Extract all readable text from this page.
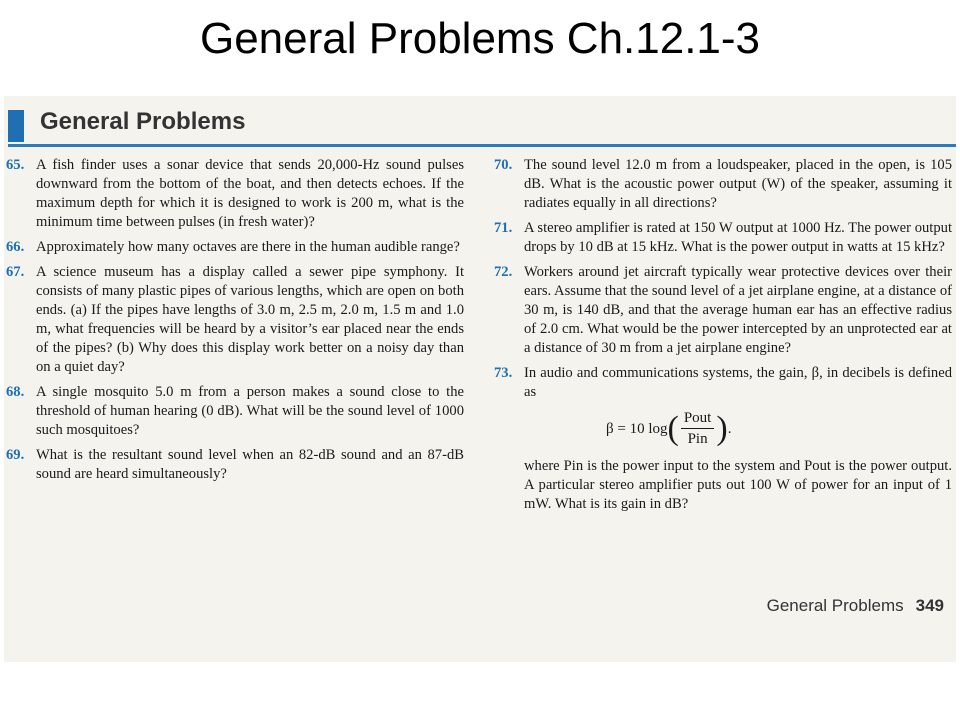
General Problems Ch.12.1-3
General Problems
65. A fish finder uses a sonar device that sends 20,000-Hz sound pulses downward from the bottom of the boat, and then detects echoes. If the maximum depth for which it is designed to work is 200 m, what is the minimum time between pulses (in fresh water)?
66. Approximately how many octaves are there in the human audible range?
67. A science museum has a display called a sewer pipe symphony. It consists of many plastic pipes of various lengths, which are open on both ends. (a) If the pipes have lengths of 3.0 m, 2.5 m, 2.0 m, 1.5 m and 1.0 m, what frequencies will be heard by a visitor’s ear placed near the ends of the pipes? (b) Why does this display work better on a noisy day than on a quiet day?
68. A single mosquito 5.0 m from a person makes a sound close to the threshold of human hearing (0 dB). What will be the sound level of 1000 such mosquitoes?
69. What is the resultant sound level when an 82-dB sound and an 87-dB sound are heard simultaneously?
70. The sound level 12.0 m from a loudspeaker, placed in the open, is 105 dB. What is the acoustic power output (W) of the speaker, assuming it radiates equally in all directions?
71. A stereo amplifier is rated at 150 W output at 1000 Hz. The power output drops by 10 dB at 15 kHz. What is the power output in watts at 15 kHz?
72. Workers around jet aircraft typically wear protective devices over their ears. Assume that the sound level of a jet airplane engine, at a distance of 30 m, is 140 dB, and that the average human ear has an effective radius of 2.0 cm. What would be the power intercepted by an unprotected ear at a distance of 30 m from a jet airplane engine?
73. In audio and communications systems, the gain, β, in decibels is defined as
β = 10 log ( $\frac{\text{Pout}}{\text{Pin}}$ ) .
where Pin is the power input to the system and Pout is the power output. A particular stereo amplifier puts out 100 W of power for an input of 1 mW. What is its gain in dB?
General Problems 349
